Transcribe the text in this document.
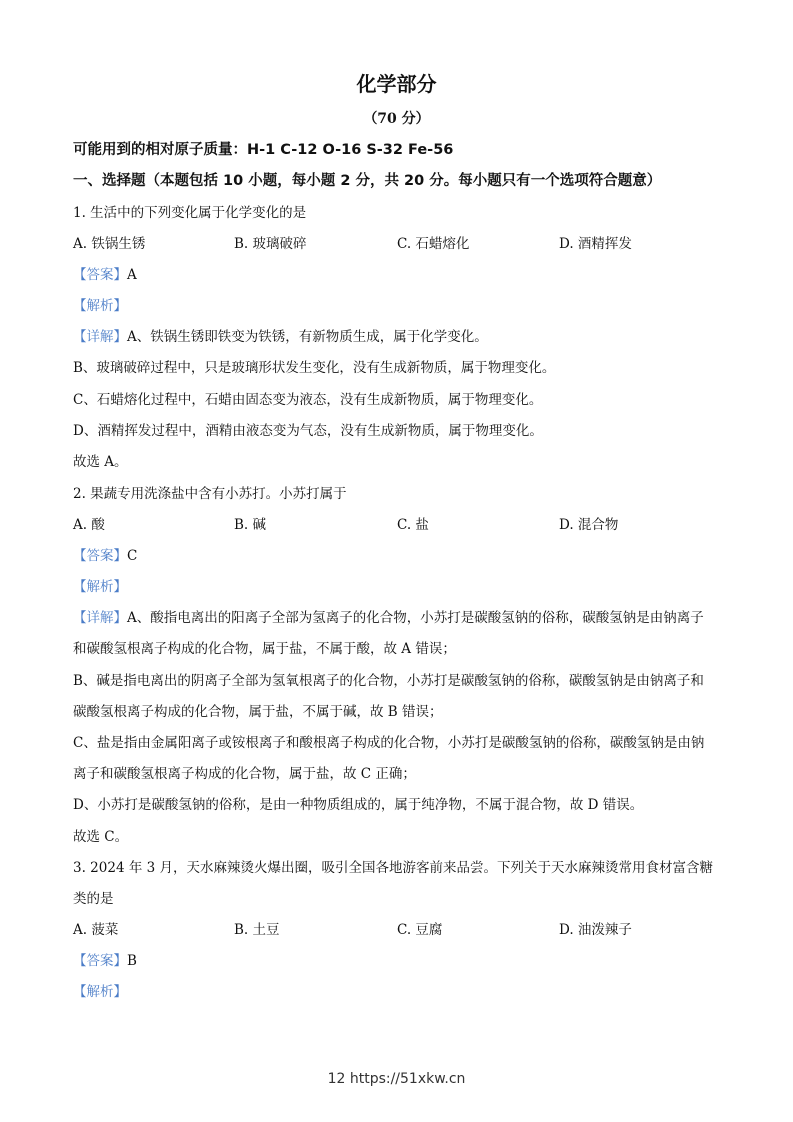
化学部分
（70 分）
可能用到的相对原子质量：H-1 C-12 O-16 S-32 Fe-56
一、选择题（本题包括 10 小题，每小题 2 分，共 20 分。每小题只有一个选项符合题意）
1. 生活中的下列变化属于化学变化的是
A. 铁锅生锈	B. 玻璃破碎	C. 石蜡熔化	D. 酒精挥发
【答案】A
【解析】
【详解】A、铁锅生锈即铁变为铁锈，有新物质生成，属于化学变化。
B、玻璃破碎过程中，只是玻璃形状发生变化，没有生成新物质，属于物理变化。
C、石蜡熔化过程中，石蜡由固态变为液态，没有生成新物质，属于物理变化。
D、酒精挥发过程中，酒精由液态变为气态，没有生成新物质，属于物理变化。
故选 A。
2. 果蔬专用洗涤盐中含有小苏打。小苏打属于
A. 酸	B. 碱	C. 盐	D. 混合物
【答案】C
【解析】
【详解】A、酸指电离出的阳离子全部为氢离子的化合物，小苏打是碳酸氢钠的俗称，碳酸氢钠是由钠离子
和碳酸氢根离子构成的化合物，属于盐，不属于酸，故 A 错误；
B、碱是指电离出的阴离子全部为氢氧根离子的化合物，小苏打是碳酸氢钠的俗称，碳酸氢钠是由钠离子和
碳酸氢根离子构成的化合物，属于盐，不属于碱，故 B 错误；
C、盐是指由金属阳离子或铵根离子和酸根离子构成的化合物，小苏打是碳酸氢钠的俗称，碳酸氢钠是由钠
离子和碳酸氢根离子构成的化合物，属于盐，故 C 正确；
D、小苏打是碳酸氢钠的俗称，是由一种物质组成的，属于纯净物，不属于混合物，故 D 错误。
故选 C。
3. 2024 年 3 月，天水麻辣烫火爆出圈，吸引全国各地游客前来品尝。下列关于天水麻辣烫常用食材富含糖
类的是
A. 菠菜	B. 土豆	C. 豆腐	D. 油泼辣子
【答案】B
【解析】
12 https://51xkw.cn
